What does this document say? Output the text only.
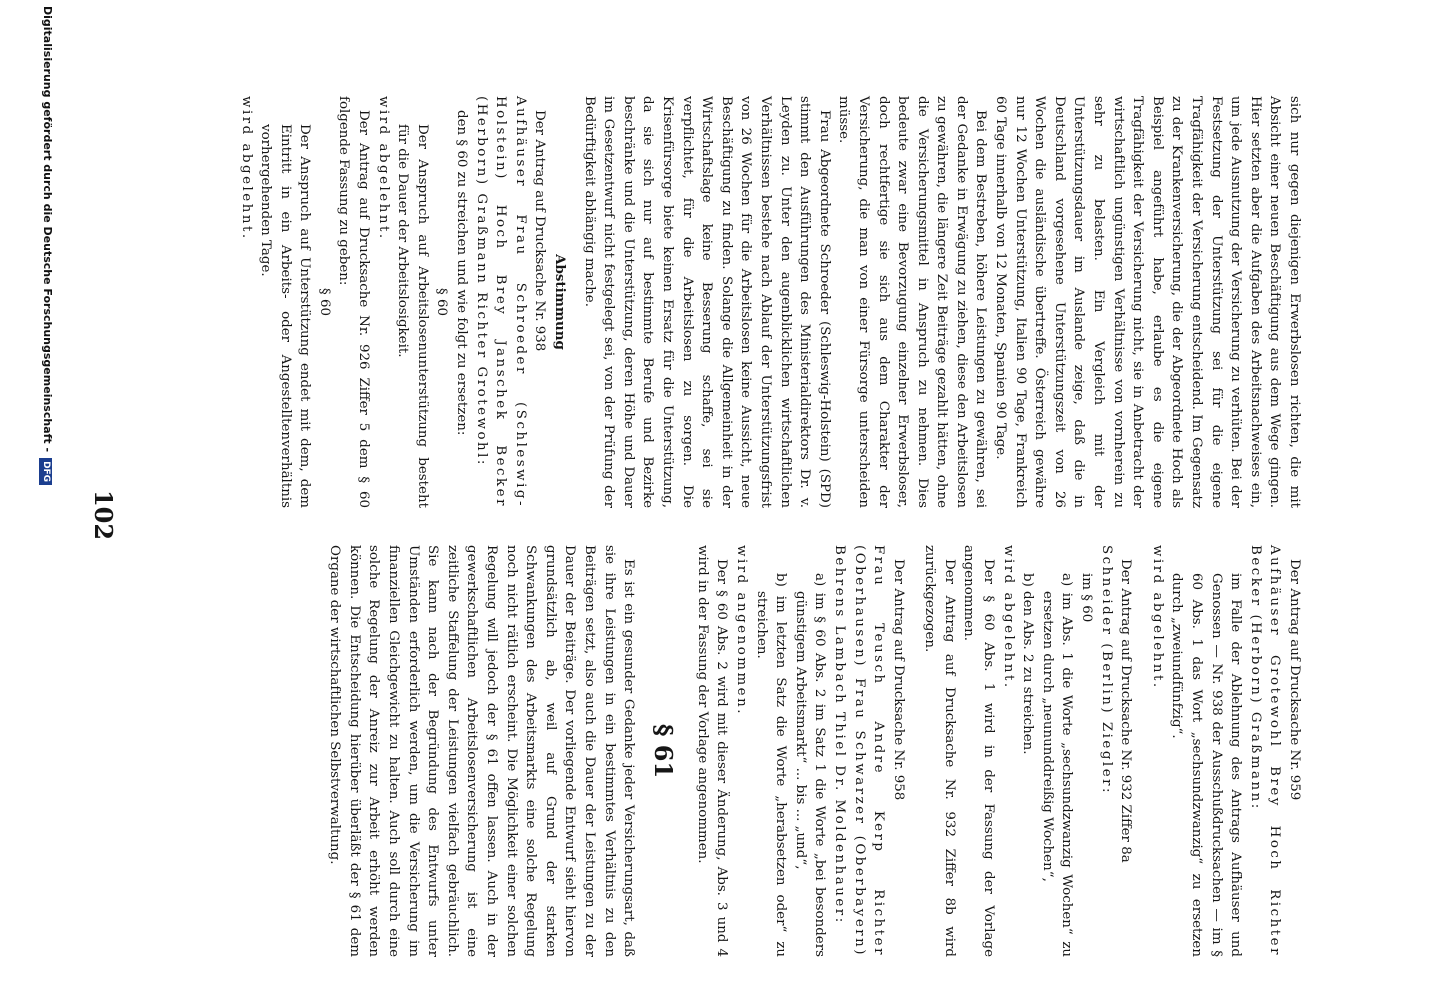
102

sich nur gegen diejenigen Erwerbslosen richten, die mit Absicht einer neuen Beschäftigung aus dem Wege gingen. Hier setzten aber die Aufgaben des Arbeitsnachweises ein, um jede Ausnutzung der Versicherung zu verhüten. Bei der Festsetzung der Unterstützung sei für die eigene Tragfähigkeit der Versicherung entscheidend. Im Gegensatz zu der Krankenversicherung, die der Abgeordnete Hoch als Beispiel angeführt habe, erlaube es die eigene Tragfähigkeit der Versicherung nicht, sie in Anbetracht der wirtschaftlich ungünstigen Verhältnisse von vornherein zu sehr zu belasten. Ein Vergleich mit der Unterstützungsdauer im Auslande zeige, daß die in Deutschland vorgesehene Unterstützungszeit von 26 Wochen die ausländische übertreffe. Österreich gewähre nur 12 Wochen Unterstützung, Italien 90 Tage, Frankreich 60 Tage innerhalb von 12 Monaten, Spanien 90 Tage.

Bei dem Bestreben, höhere Leistungen zu gewähren, sei der Gedanke in Erwägung zu ziehen, diese den Arbeitslosen zu gewähren, die längere Zeit Beiträge gezahlt hätten, ohne die Versicherungsmittel in Anspruch zu nehmen. Dies bedeute zwar eine Bevorzugung einzelner Erwerbsloser, doch rechtfertige sie sich aus dem Charakter der Versicherung, die man von einer Fürsorge unterscheiden müsse.

Frau Abgeordnete Schroeder (Schleswig-Holstein) (SPD) stimmt den Ausführungen des Ministerialdirektors Dr. v. Leyden zu. Unter den augenblicklichen wirtschaftlichen Verhältnissen bestehe nach Ablauf der Unterstützungsfrist von 26 Wochen für die Arbeitslosen keine Aussicht, neue Beschäftigung zu finden. Solange die Allgemeinheit in der Wirtschaftslage keine Besserung schaffe, sei sie verpflichtet, für die Arbeitslosen zu sorgen. Die Krisenfürsorge biete keinen Ersatz für die Unterstützung, da sie sich nur auf bestimmte Berufe und Bezirke beschränke und die Unterstützung, deren Höhe und Dauer im Gesetzentwurf nicht festgelegt sei, von der Prüfung der Bedürftigkeit abhängig mache.

Abstimmung

Der Antrag auf Drucksache Nr. 938

Aufhäuser Frau Schroeder (Schleswig-Holstein) Hoch Brey Janschek Becker (Herborn) Graßmann Richter Grotewohl:

den § 60 zu streichen und wie folgt zu ersetzen:

§ 60

Der Anspruch auf Arbeitslosenunterstützung besteht für die Dauer der Arbeitslosigkeit.

wird abgelehnt.

Der Antrag auf Drucksache Nr. 926 Ziffer 5 dem § 60 folgende Fassung zu geben:

§ 60

Der Anspruch auf Unterstützung endet mit dem, dem Eintritt in ein Arbeits- oder Angestelltenverhältnis vorhergehenden Tage.

wird abgelehnt.

Der Antrag auf Drucksache Nr. 959

Aufhäuser Grotewohl Brey Hoch Richter Becker (Herborn) Graßmann:

im Falle der Ablehnung des Antrags Aufhäuser und Genossen — Nr. 938 der Ausschußdrucksachen — im § 60 Abs. 1 das Wort „sechsundzwanzig“ zu ersetzen durch „zweiundfünfzig“.

wird abgelehnt.

Der Antrag auf Drucksache Nr. 932 Ziffer 8a

Schneider (Berlin) Ziegler:

im § 60

a) im Abs. 1 die Worte „sechsundzwanzig Wochen“ zu ersetzen durch „neununddreißig Wochen“,

b) den Abs. 2 zu streichen.

wird abgelehnt.

Der § 60 Abs. 1 wird in der Fassung der Vorlage angenommen.

Der Antrag auf Drucksache Nr. 932 Ziffer 8b wird zurückgezogen.

Der Antrag auf Drucksache Nr. 958

Frau Teusch Andre Kerp Richter (Oberhausen) Frau Schwarzer (Oberbayern) Behrens Lambach Thiel Dr. Moldenhauer:

a) im § 60 Abs. 2 im Satz 1 die Worte „bei besonders günstigem Arbeitsmarkt“ ... bis ... „und“,

b) im letzten Satz die Worte „herabsetzen oder“ zu streichen.

wird angenommen.

Der § 60 Abs. 2 wird mit dieser Änderung, Abs. 3 und 4 wird in der Fassung der Vorlage angenommen.

§ 61

Es ist ein gesunder Gedanke jeder Versicherungsart, daß sie ihre Leistungen in ein bestimmtes Verhältnis zu den Beiträgen setzt, also auch die Dauer der Leistungen zu der Dauer der Beiträge. Der vorliegende Entwurf sieht hiervon grundsätzlich ab, weil auf Grund der starken Schwankungen des Arbeitsmarkts eine solche Regelung noch nicht rätlich erscheint. Die Möglichkeit einer solchen Regelung will jedoch der § 61 offen lassen. Auch in der gewerkschaftlichen Arbeitslosenversicherung ist eine zeitliche Staffelung der Leistungen vielfach gebräuchlich. Sie kann nach der Begründung des Entwurfs unter Umständen erforderlich werden, um die Versicherung im finanziellen Gleichgewicht zu halten. Auch soll durch eine solche Regelung der Anreiz zur Arbeit erhöht werden können. Die Entscheidung hierüber überläßt der § 61 dem Organe der wirtschaftlichen Selbstverwaltung.

Digitalisierung gefördert durch die Deutsche Forschungsgemeinschaft -DFG
